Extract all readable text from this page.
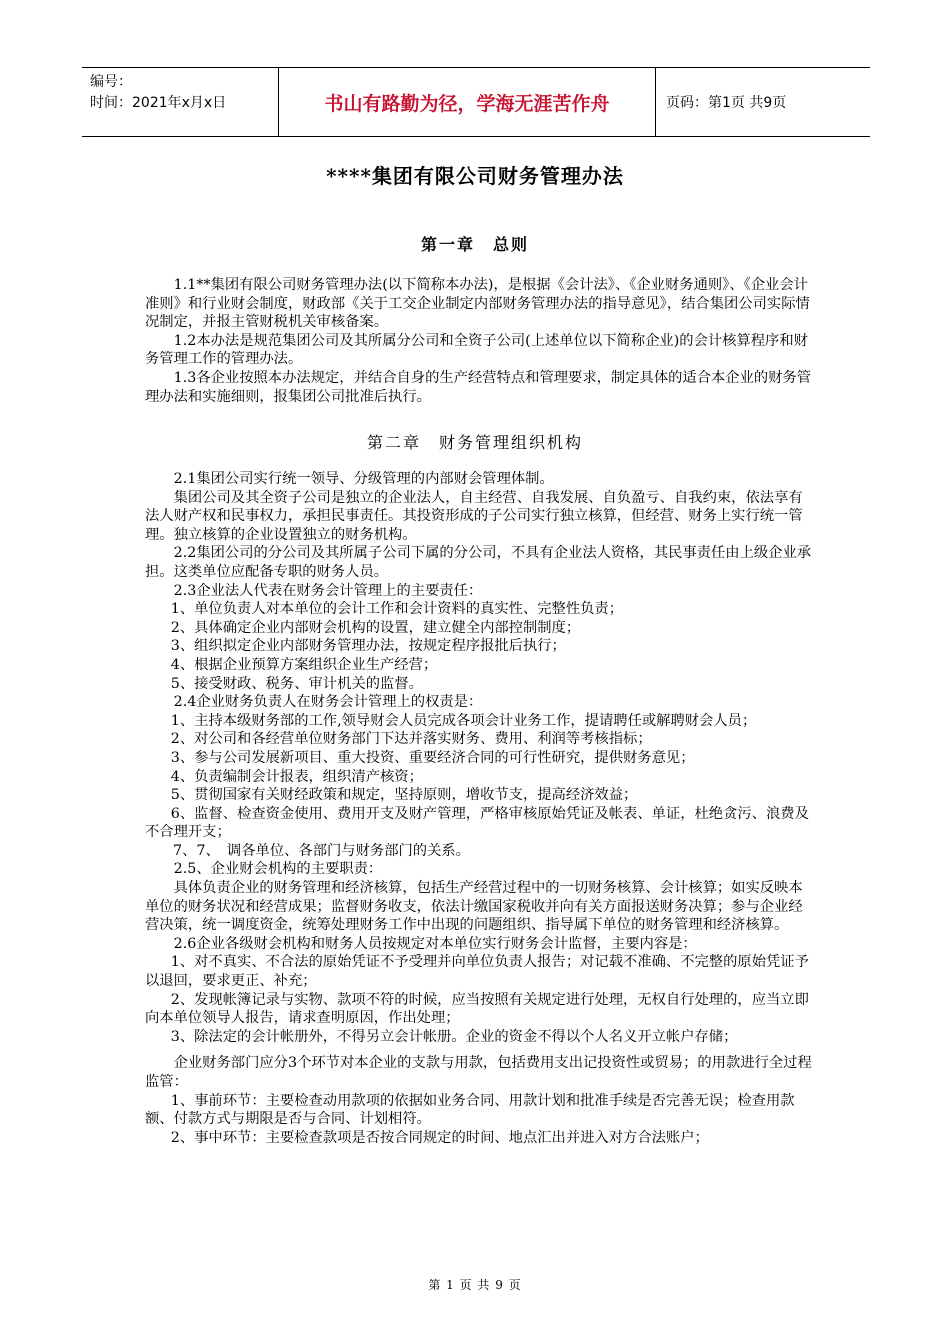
编号：
时间：2021年x月x日	书山有路勤为径，学海无涯苦作舟	页码：第1页 共9页
****集团有限公司财务管理办法
第一章　总则

1.1**集团有限公司财务管理办法(以下简称本办法)，是根据《会计法》、《企业财务通则》、《企业会计准则》和行业财会制度，财政部《关于工交企业制定内部财务管理办法的指导意见》，结合集团公司实际情况制定，并报主管财税机关审核备案。

1.2本办法是规范集团公司及其所属分公司和全资子公司(上述单位以下简称企业)的会计核算程序和财务管理工作的管理办法。

1.3各企业按照本办法规定，并结合自身的生产经营特点和管理要求，制定具体的适合本企业的财务管理办法和实施细则，报集团公司批准后执行。

第二章　财务管理组织机构

2.1集团公司实行统一领导、分级管理的内部财会管理体制。

集团公司及其全资子公司是独立的企业法人，自主经营、自我发展、自负盈亏、自我约束，依法享有法人财产权和民事权力，承担民事责任。其投资形成的子公司实行独立核算，但经营、财务上实行统一管理。独立核算的企业设置独立的财务机构。

2.2集团公司的分公司及其所属子公司下属的分公司，不具有企业法人资格，其民事责任由上级企业承担。这类单位应配备专职的财务人员。

2.3企业法人代表在财务会计管理上的主要责任：

1、单位负责人对本单位的会计工作和会计资料的真实性、完整性负责；

2、具体确定企业内部财会机构的设置，建立健全内部控制制度；

3、组织拟定企业内部财务管理办法，按规定程序报批后执行；

4、根据企业预算方案组织企业生产经营；

5、接受财政、税务、审计机关的监督。

2.4企业财务负责人在财务会计管理上的权责是：

1、主持本级财务部的工作,领导财会人员完成各项会计业务工作，提请聘任或解聘财会人员；

2、对公司和各经营单位财务部门下达并落实财务、费用、利润等考核指标；

3、参与公司发展新项目、重大投资、重要经济合同的可行性研究，提供财务意见；

4、负责编制会计报表，组织清产核资；

5、贯彻国家有关财经政策和规定，坚持原则，增收节支，提高经济效益；

6、监督、检查资金使用、费用开支及财产管理，严格审核原始凭证及帐表、单证，杜绝贪污、浪费及不合理开支；

7、7、　调各单位、各部门与财务部门的关系。

2.5、企业财会机构的主要职责：

具体负责企业的财务管理和经济核算，包括生产经营过程中的一切财务核算、会计核算；如实反映本单位的财务状况和经营成果；监督财务收支，依法计缴国家税收并向有关方面报送财务决算；参与企业经营决策，统一调度资金，统筹处理财务工作中出现的问题组织、指导属下单位的财务管理和经济核算。

2.6企业各级财会机构和财务人员按规定对本单位实行财务会计监督，主要内容是：

1、对不真实、不合法的原始凭证不予受理并向单位负责人报告；对记载不准确、不完整的原始凭证予以退回，要求更正、补充；

2、发现帐簿记录与实物、款项不符的时候，应当按照有关规定进行处理，无权自行处理的，应当立即向本单位领导人报告，请求查明原因，作出处理；

3、除法定的会计帐册外，不得另立会计帐册。企业的资金不得以个人名义开立帐户存储；

企业财务部门应分3个环节对本企业的支款与用款，包括费用支出记投资性或贸易；的用款进行全过程监管：

1、事前环节：主要检查动用款项的依据如业务合同、用款计划和批准手续是否完善无误；检查用款额、付款方式与期限是否与合同、计划相符。

2、事中环节：主要检查款项是否按合同规定的时间、地点汇出并进入对方合法账户；

第 1 页 共 9 页
